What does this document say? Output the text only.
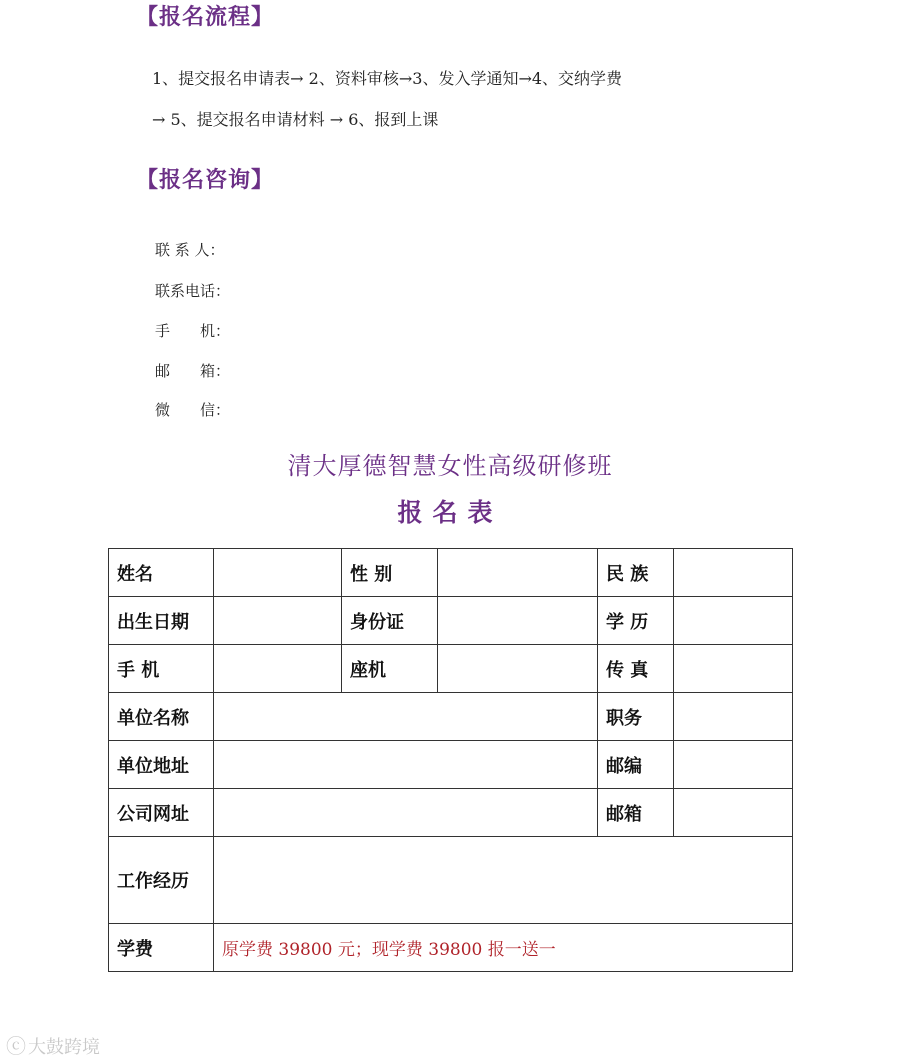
【报名流程】
1、提交报名申请表→ 2、资料审核→3、发入学通知→4、交纳学费
→ 5、提交报名申请材料 → 6、报到上课
【报名咨询】
联 系 人：
联系电话：
手　　机：
邮　　箱：
微　　信：
清大厚德智慧女性高级研修班
报名表
姓名		性 别		民 族	
出生日期		身份证		学 历	
手 机		座机		传 真	
单位名称				职务	
单位地址				邮编	
公司网址				邮箱	
工作经历					
学费	原学费 39800 元；现学费 39800 报一送一				
ⓒ 大鼓跨境
